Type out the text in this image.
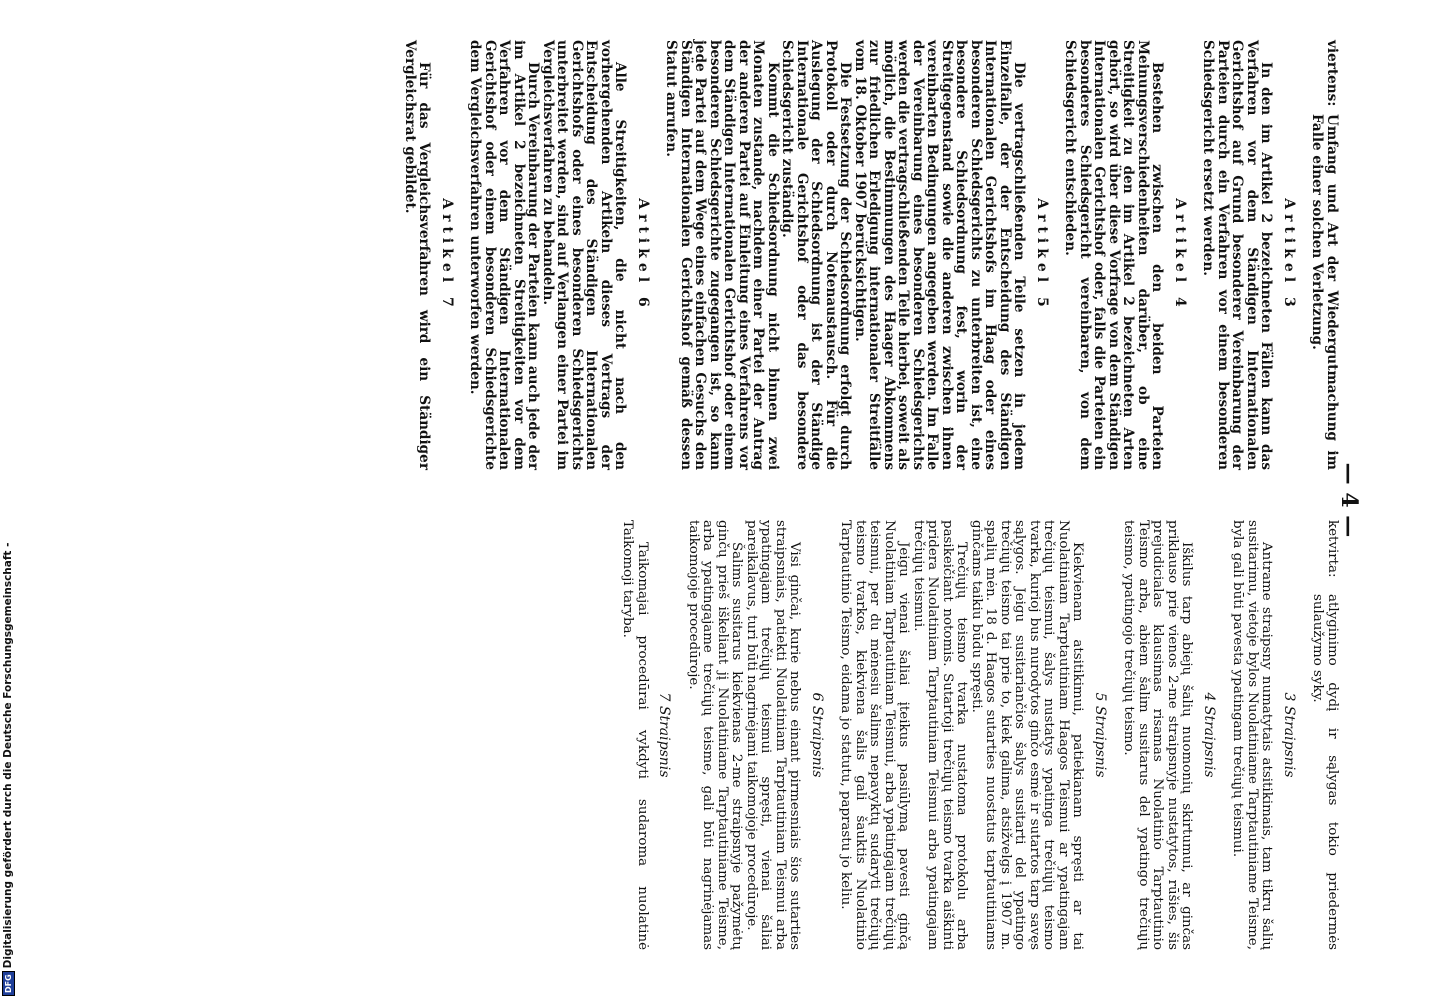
— 4 —

ketvirta:
atlyginimo dydį ir sąlygas tokio priedermės sulaužymo syky.

3 Straipsnis

Antrame straipsny numatytais atsitikimais, tam tikru šalių susitarimu, vietoje bylos Nuolatiniame Tarptautiniame Teisme, byla gali būti pavesta ypatingam trečiųjų teismui.

4 Straipsnis

Iškilus tarp abiejų šalių nuomonių skirtumui, ar ginčas priklauso prie vienos 2-me straipsnyje nustatytos, rūšies, šis prejudicialas klausimas risamas Nuolatinio Tarptautinio Teismo arba, abiem šalim susitarus del ypatingo trečiųjų teismo, ypatingojo trečiųjų teismo.

5 Straipsnis

Kiekvienam atsitikimui, patiekianam spręsti ar tai Nuolatiniam Tarptautiniam Haagos Teismui ar ypatingajam trečiųjų teismui, šalys nustatys ypatinga trečiųjų teismo tvarka, kurioj bus nurodytos ginčo esmė ir sutartos tarp savęs sąlygos. Jeigu susitariančios šalys susitarti del ypatingo trečiųjų teismo tai prie to, kiek galima, atsižvelgs į 1907 m. spalių mėn. 18 d. Haagos sutarties nuostatus tarptautiniams ginčams taikiu būdu spręsti.

Trečiųjų teismo tvarka nustatoma protokolu arba pasikeičiant notomis. Sutartoji trečiųjų teismo tvarka aiškinti pridera Nuolatiniam Tarptautiniam Teismui arba ypatingajam trečiųjų teismui.

Jeigu vienai šaliai įteikus pasiūlymą pavesti ginčą Nuolatiniam Tarptautiniam Teismui, arba ypatingajam trečiųjų teismui, per du mėnesiu šalims nepavyktų sudaryti trečiųjų teismo tvarkos, kiekviena šalis gali šauktis Nuolatinio Tarptautinio Teismo, eidama jo statutu, paprastu jo keliu.

6 Straipsnis

Visi ginčai, kurie nebus einant pirmesniais šios sutarties straipsniais, patiekti Nuolatiniam Tarptautiniam Teismui arba ypatingajam trečiųjų teismui spręsti, vienai šaliai pareikalavus, turi būti nagrinėjami taikomojoje procedūroje.

Šalims susitarus kiekvienas 2-me straipsnyje pažymėtų ginčų prieš iškeliant jį Nuolatiniame Tarptautiniame Teisme, arba ypatingajame trečiųjų teisme, gali būti nagrinėjamas taikomojoje procedūroje.

7 Straipsnis

Taikomajai procedūrai vykdyti sudaroma nuolatinė Taikomoji taryba.

viertens:
Umfang und Art der Wiedergutmachung im Falle einer solchen Verletzung.

Artikel 3

In den im Artikel 2 bezeichneten Fällen kann das Verfahren vor dem Ständigen Internationalen Gerichtshof auf Grund besonderer Vereinbarung der Parteien durch ein Verfahren vor einem besonderen Schiedsgericht ersetzt werden.

Artikel 4

Bestehen zwischen den beiden Parteien Meinungsverschiedenheiten darüber, ob eine Streitigkeit zu den im Artikel 2 bezeichneten Arten gehört, so wird über diese Vorfrage von dem Ständigen Internationalen Gerichtshof oder, falls die Parteien ein besonderes Schiedsgericht vereinbaren, von dem Schiedsgericht entschieden.

Artikel 5

Die vertragschließenden Teile setzen in jedem Einzelfalle, der der Entscheidung des Ständigen Internationalen Gerichtshofs im Haag oder eines besonderen Schiedsgerichts zu unterbreiten ist, eine besondere Schiedsordnung fest, worin der Streitgegenstand sowie die anderen zwischen ihnen vereinbarten Bedingungen angegeben werden. Im Falle der Vereinbarung eines besonderen Schiedsgerichts werden die vertragschließenden Teile hierbei, soweit als möglich, die Bestimmungen des Haager Abkommens zur friedlichen Erledigung internationaler Streitfälle vom 18. Oktober 1907 berücksichtigen.

Die Festsetzung der Schiedsordnung erfolgt durch Protokoll oder durch Notenaustausch. Für die Auslegung der Schiedsordnung ist der Ständige Internationale Gerichtshof oder das besondere Schiedsgericht zuständig.

Kommt die Schiedsordnung nicht binnen zwei Monaten zustande, nachdem einer Partei der Antrag der anderen Partei auf Einleitung eines Verfahrens vor dem Ständigen Internationalen Gerichtshof oder einem besonderen Schiedsgerichte zugegangen ist, so kann jede Partei auf dem Wege eines einfachen Gesuchs den Ständigen Internationalen Gerichtshof gemäß dessen Statut anrufen.

Artikel 6

Alle Streitigkeiten, die nicht nach den vorhergehenden Artikeln dieses Vertrags der Entscheidung des Ständigen Internationalen Gerichtshofs oder eines besonderen Schiedsgerichts unterbreitet werden, sind auf Verlangen einer Partei im Vergleichsverfahren zu behandeln.

Durch Vereinbarung der Parteien kann auch jede der im Artikel 2 bezeichneten Streitigkeiten vor dem Verfahren vor dem Ständigen Internationalen Gerichtshof oder einem besonderen Schiedsgerichte dem Vergleichsverfahren unterworfen werden.

Artikel 7

Für das Vergleichsverfahren wird ein Ständiger Vergleichsrat gebildet.

DFGDigitalisierung gefördert durch die Deutsche Forschungsgemeinschaft -
